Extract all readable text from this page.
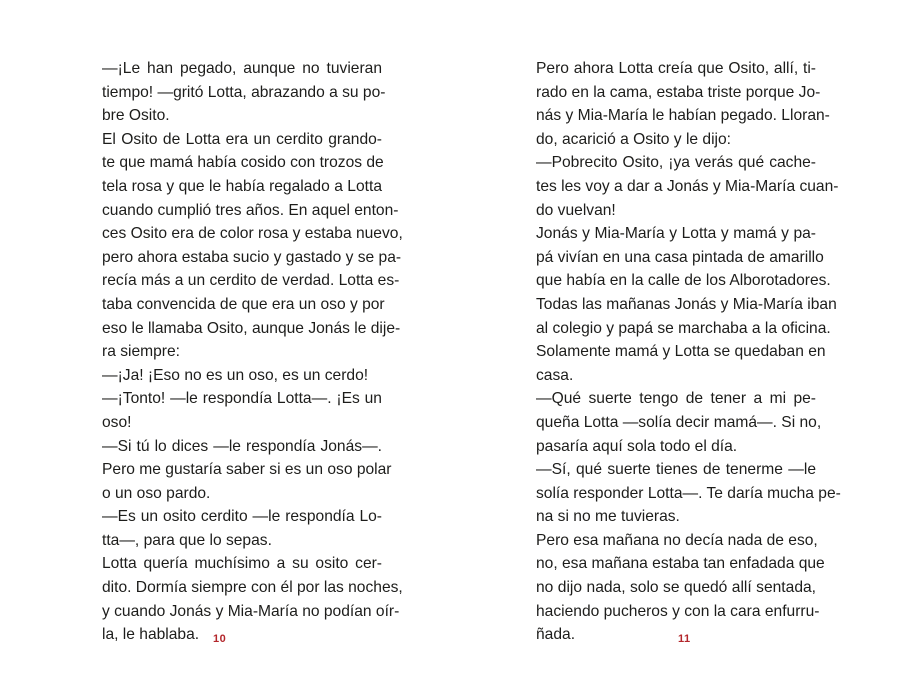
—¡Le han pegado, aunque no tuvieran
tiempo! —gritó Lotta, abrazando a su po-
bre Osito.

El Osito de Lotta era un cerdito grando-
te que mamá había cosido con trozos de
tela rosa y que le había regalado a Lotta
cuando cumplió tres años. En aquel enton-
ces Osito era de color rosa y estaba nuevo,
pero ahora estaba sucio y gastado y se pa-
recía más a un cerdito de verdad. Lotta es-
taba convencida de que era un oso y por
eso le llamaba Osito, aunque Jonás le dije-
ra siempre:

—¡Ja! ¡Eso no es un oso, es un cerdo!

—¡Tonto! —le respondía Lotta—. ¡Es un
oso!

—Si tú lo dices —le respondía Jonás—.
Pero me gustaría saber si es un oso polar
o un oso pardo.

—Es un osito cerdito —le respondía Lo-
tta—, para que lo sepas.

Lotta quería muchísimo a su osito cer-
dito. Dormía siempre con él por las noches,
y cuando Jonás y Mia-María no podían oír-
la, le hablaba.	10

Pero ahora Lotta creía que Osito, allí, ti-
rado en la cama, estaba triste porque Jo-
nás y Mia-María le habían pegado. Lloran-
do, acarició a Osito y le dijo:

—Pobrecito Osito, ¡ya verás qué cache-
tes les voy a dar a Jonás y Mia-María cuan-
do vuelvan!

Jonás y Mia-María y Lotta y mamá y pa-
pá vivían en una casa pintada de amarillo
que había en la calle de los Alborotadores.
Todas las mañanas Jonás y Mia-María iban
al colegio y papá se marchaba a la oficina.
Solamente mamá y Lotta se quedaban en
casa.

—Qué suerte tengo de tener a mi pe-
queña Lotta —solía decir mamá—. Si no,
pasaría aquí sola todo el día.

—Sí, qué suerte tienes de tenerme —le
solía responder Lotta—. Te daría mucha pe-
na si no me tuvieras.

Pero esa mañana no decía nada de eso,
no, esa mañana estaba tan enfadada que
no dijo nada, solo se quedó allí sentada,
haciendo pucheros y con la cara enfurru-
ñada.	11
